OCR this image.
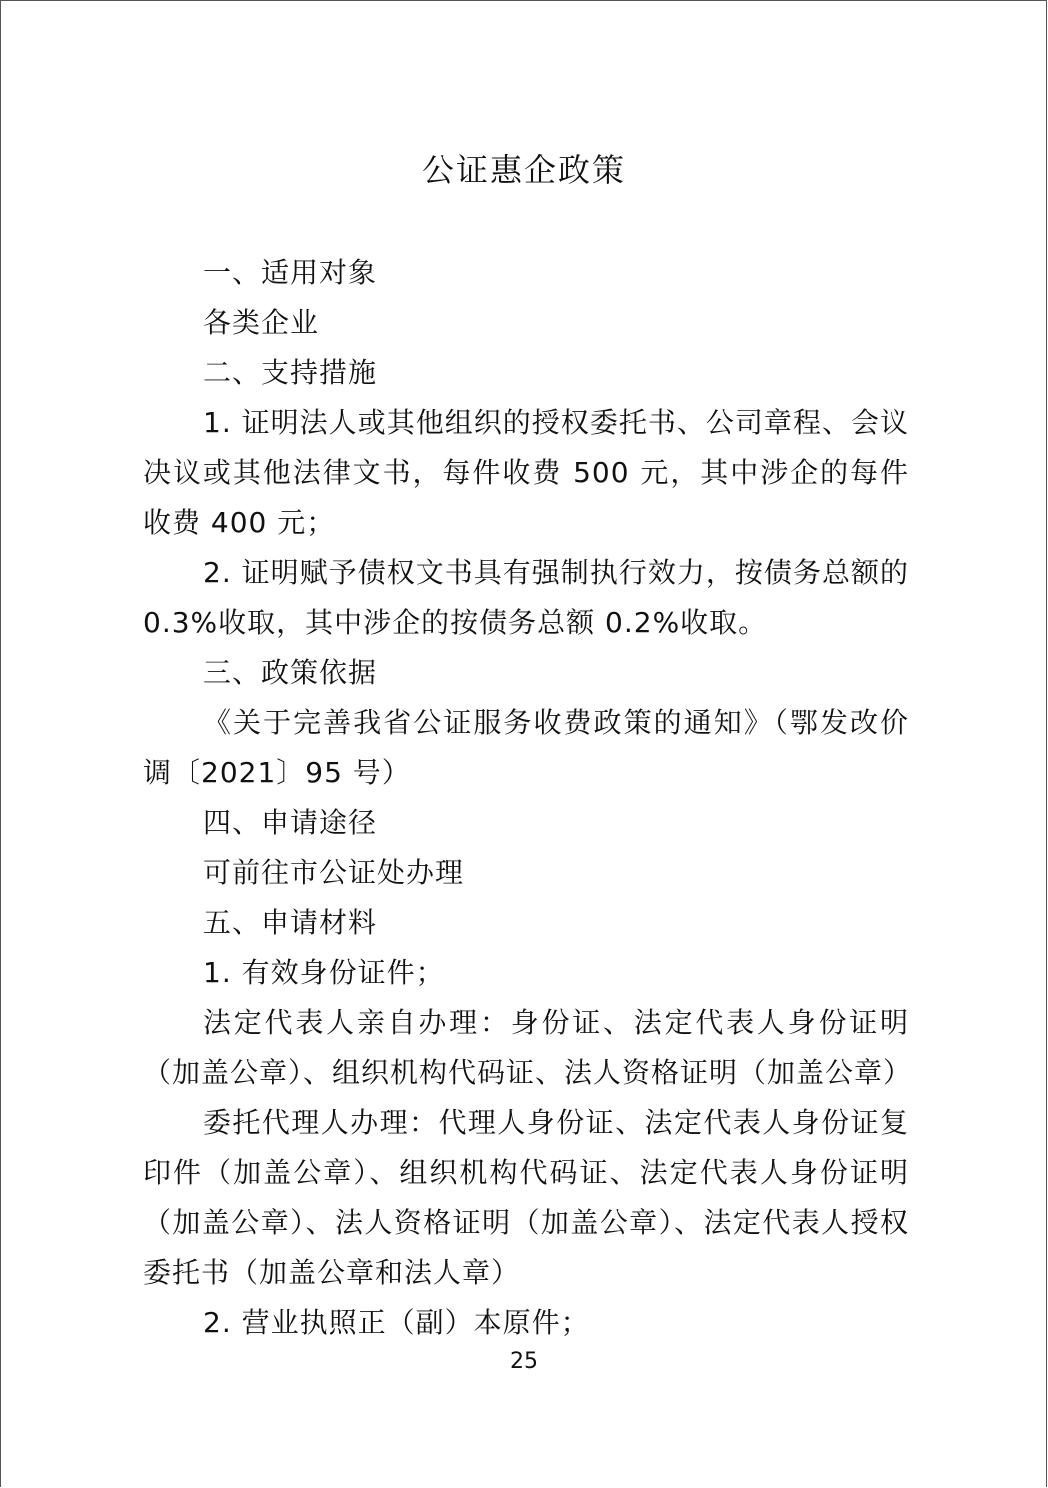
公证惠企政策

一、适用对象

各类企业

二、支持措施

1. 证明法人或其他组织的授权委托书、公司章程、会议决议或其他法律文书，每件收费 500 元，其中涉企的每件收费 400 元；

2. 证明赋予债权文书具有强制执行效力，按债务总额的 0.3%收取，其中涉企的按债务总额 0.2%收取。

三、政策依据

《关于完善我省公证服务收费政策的通知》（鄂发改价调〔2021〕95 号）

四、申请途径

可前往市公证处办理

五、申请材料

1. 有效身份证件；

法定代表人亲自办理：身份证、法定代表人身份证明（加盖公章）、组织机构代码证、法人资格证明（加盖公章）

委托代理人办理：代理人身份证、法定代表人身份证复印件（加盖公章）、组织机构代码证、法定代表人身份证明（加盖公章）、法人资格证明（加盖公章）、法定代表人授权委托书（加盖公章和法人章）

2. 营业执照正（副）本原件；

25
